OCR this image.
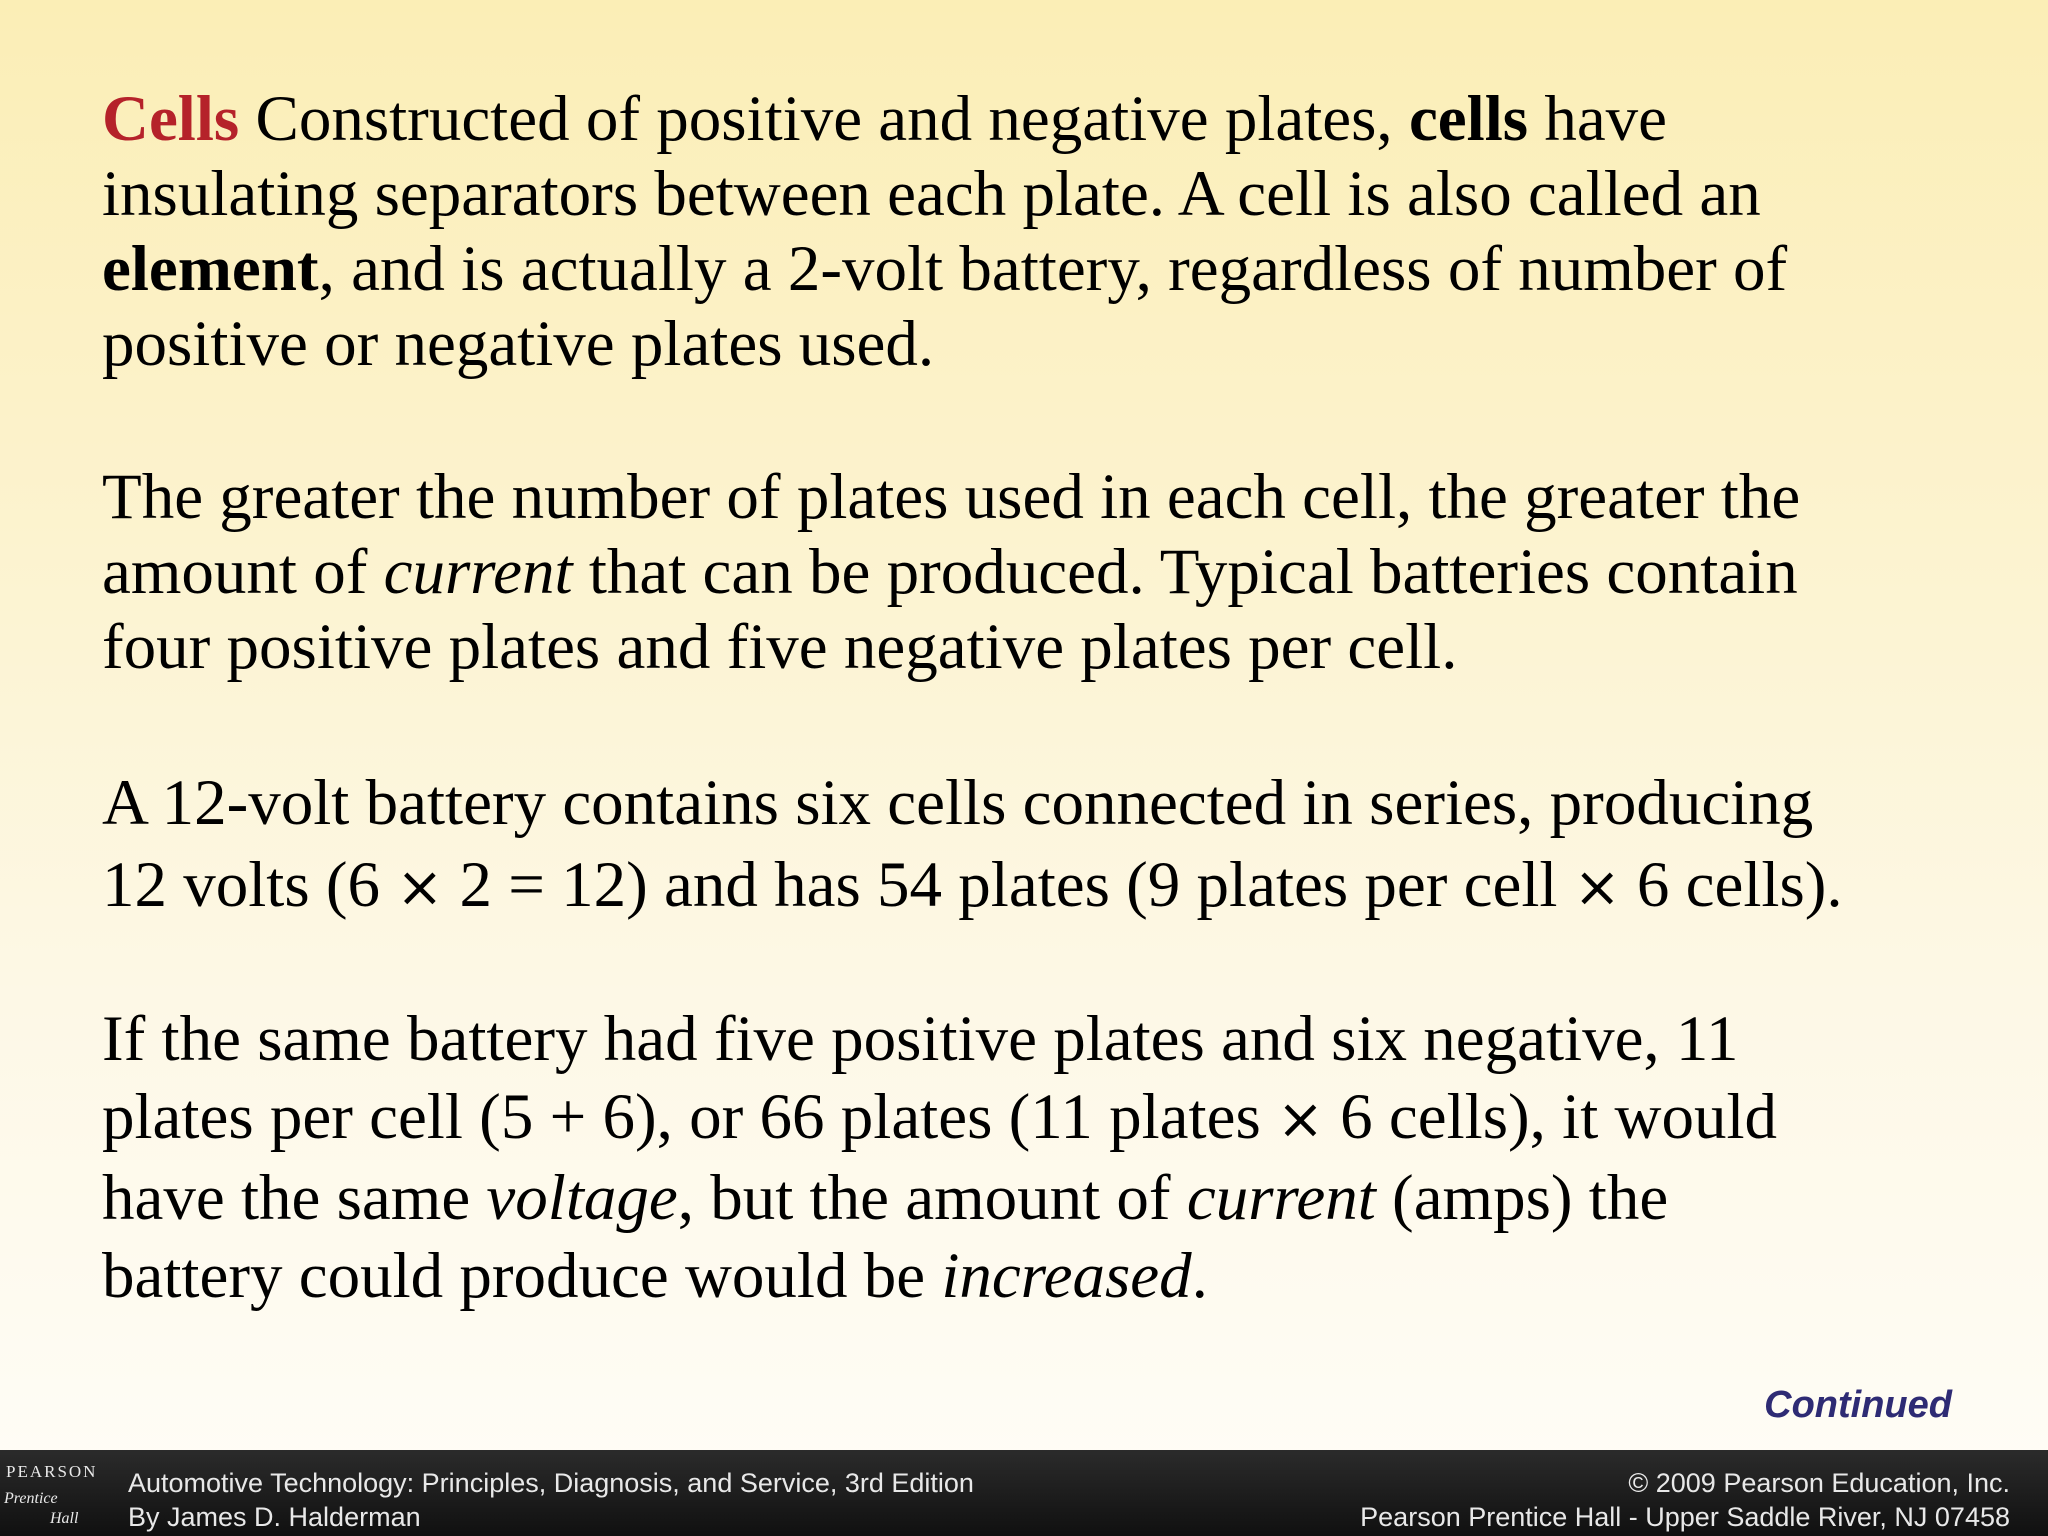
Cells Constructed of positive and negative plates, cells have
insulating separators between each plate. A cell is also called an
element, and is actually a 2-volt battery, regardless of number of
positive or negative plates used.

The greater the number of plates used in each cell, the greater the
amount of current that can be produced. Typical batteries contain
four positive plates and five negative plates per cell.

A 12-volt battery contains six cells connected in series, producing
12 volts (6 × 2 = 12) and has 54 plates (9 plates per cell × 6 cells).

If the same battery had five positive plates and six negative, 11
plates per cell (5 + 6), or 66 plates (11 plates × 6 cells), it would
have the same voltage, but the amount of current (amps) the
battery could produce would be increased.

Continued
PEARSON
Prentice
Hall
Automotive Technology: Principles, Diagnosis, and Service, 3rd Edition
By James D. Halderman
© 2009 Pearson Education, Inc.
Pearson Prentice Hall - Upper Saddle River, NJ 07458
